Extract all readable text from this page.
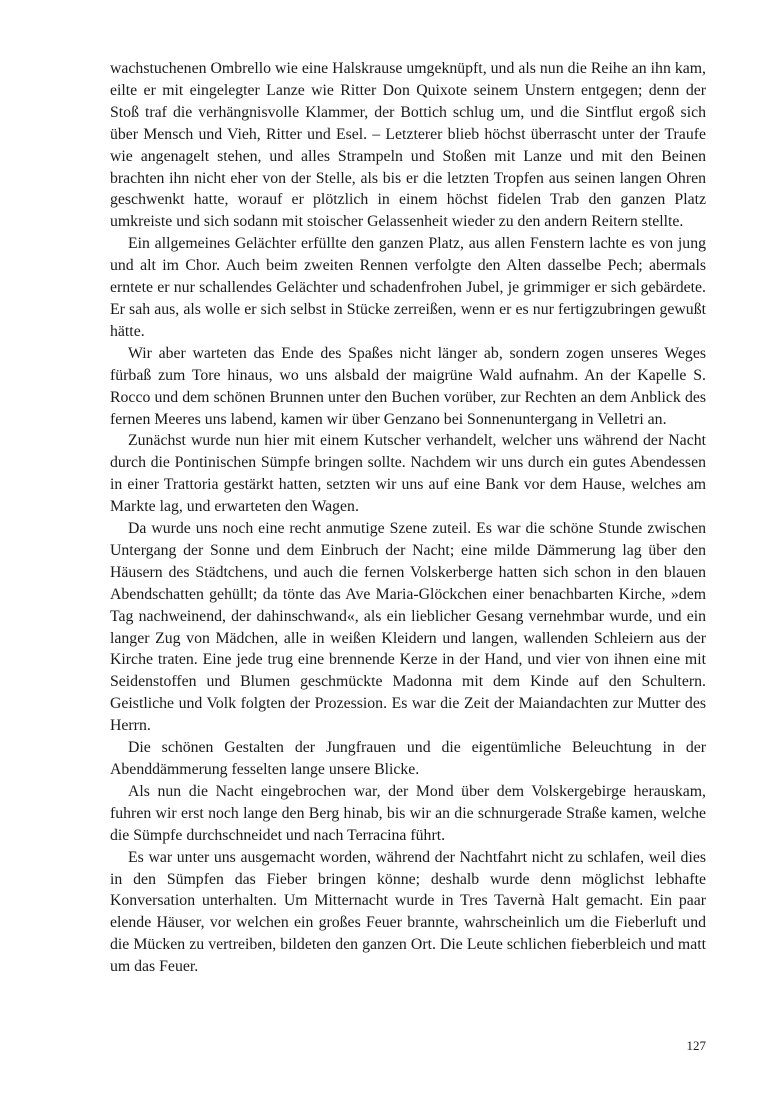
wachstuchenen Ombrello wie eine Halskrause umgeknüpft, und als nun die Reihe an ihn kam, eilte er mit eingelegter Lanze wie Ritter Don Quixote seinem Unstern entgegen; denn der Stoß traf die verhängnisvolle Klammer, der Bottich schlug um, und die Sintflut ergoß sich über Mensch und Vieh, Ritter und Esel. – Letzterer blieb höchst überrascht unter der Traufe wie angenagelt stehen, und alles Strampeln und Stoßen mit Lanze und mit den Beinen brachten ihn nicht eher von der Stelle, als bis er die letzten Tropfen aus seinen langen Ohren geschwenkt hatte, worauf er plötzlich in einem höchst fidelen Trab den ganzen Platz umkreiste und sich sodann mit stoischer Gelassenheit wieder zu den andern Reitern stellte.

Ein allgemeines Gelächter erfüllte den ganzen Platz, aus allen Fenstern lachte es von jung und alt im Chor. Auch beim zweiten Rennen verfolgte den Alten dasselbe Pech; abermals erntete er nur schallendes Gelächter und schadenfrohen Jubel, je grimmiger er sich gebärdete. Er sah aus, als wolle er sich selbst in Stücke zerreißen, wenn er es nur fertigzubringen gewußt hätte.

Wir aber warteten das Ende des Spaßes nicht länger ab, sondern zogen unseres Weges fürbaß zum Tore hinaus, wo uns alsbald der maigrüne Wald aufnahm. An der Kapelle S. Rocco und dem schönen Brunnen unter den Buchen vorüber, zur Rechten an dem Anblick des fernen Meeres uns labend, kamen wir über Genzano bei Sonnenuntergang in Velletri an.

Zunächst wurde nun hier mit einem Kutscher verhandelt, welcher uns während der Nacht durch die Pontinischen Sümpfe bringen sollte. Nachdem wir uns durch ein gutes Abendessen in einer Trattoria gestärkt hatten, setzten wir uns auf eine Bank vor dem Hause, welches am Markte lag, und erwarteten den Wagen.

Da wurde uns noch eine recht anmutige Szene zuteil. Es war die schöne Stunde zwischen Untergang der Sonne und dem Einbruch der Nacht; eine milde Dämmerung lag über den Häusern des Städtchens, und auch die fernen Volskerberge hatten sich schon in den blauen Abendschatten gehüllt; da tönte das Ave Maria-Glöckchen einer benachbarten Kirche, »dem Tag nachweinend, der dahinschwand«, als ein lieblicher Gesang vernehmbar wurde, und ein langer Zug von Mädchen, alle in weißen Kleidern und langen, wallenden Schleiern aus der Kirche traten. Eine jede trug eine brennende Kerze in der Hand, und vier von ihnen eine mit Seidenstoffen und Blumen geschmückte Madonna mit dem Kinde auf den Schultern. Geistliche und Volk folgten der Prozession. Es war die Zeit der Maiandachten zur Mutter des Herrn.

Die schönen Gestalten der Jungfrauen und die eigentümliche Beleuchtung in der Abenddämmerung fesselten lange unsere Blicke.

Als nun die Nacht eingebrochen war, der Mond über dem Volskergebirge herauskam, fuhren wir erst noch lange den Berg hinab, bis wir an die schnurgerade Straße kamen, welche die Sümpfe durchschneidet und nach Terracina führt.

Es war unter uns ausgemacht worden, während der Nachtfahrt nicht zu schlafen, weil dies in den Sümpfen das Fieber bringen könne; deshalb wurde denn möglichst lebhafte Konversation unterhalten. Um Mitternacht wurde in Tres Tavernà Halt gemacht. Ein paar elende Häuser, vor welchen ein großes Feuer brannte, wahrscheinlich um die Fieberluft und die Mücken zu vertreiben, bildeten den ganzen Ort. Die Leute schlichen fieberbleich und matt um das Feuer.

127
